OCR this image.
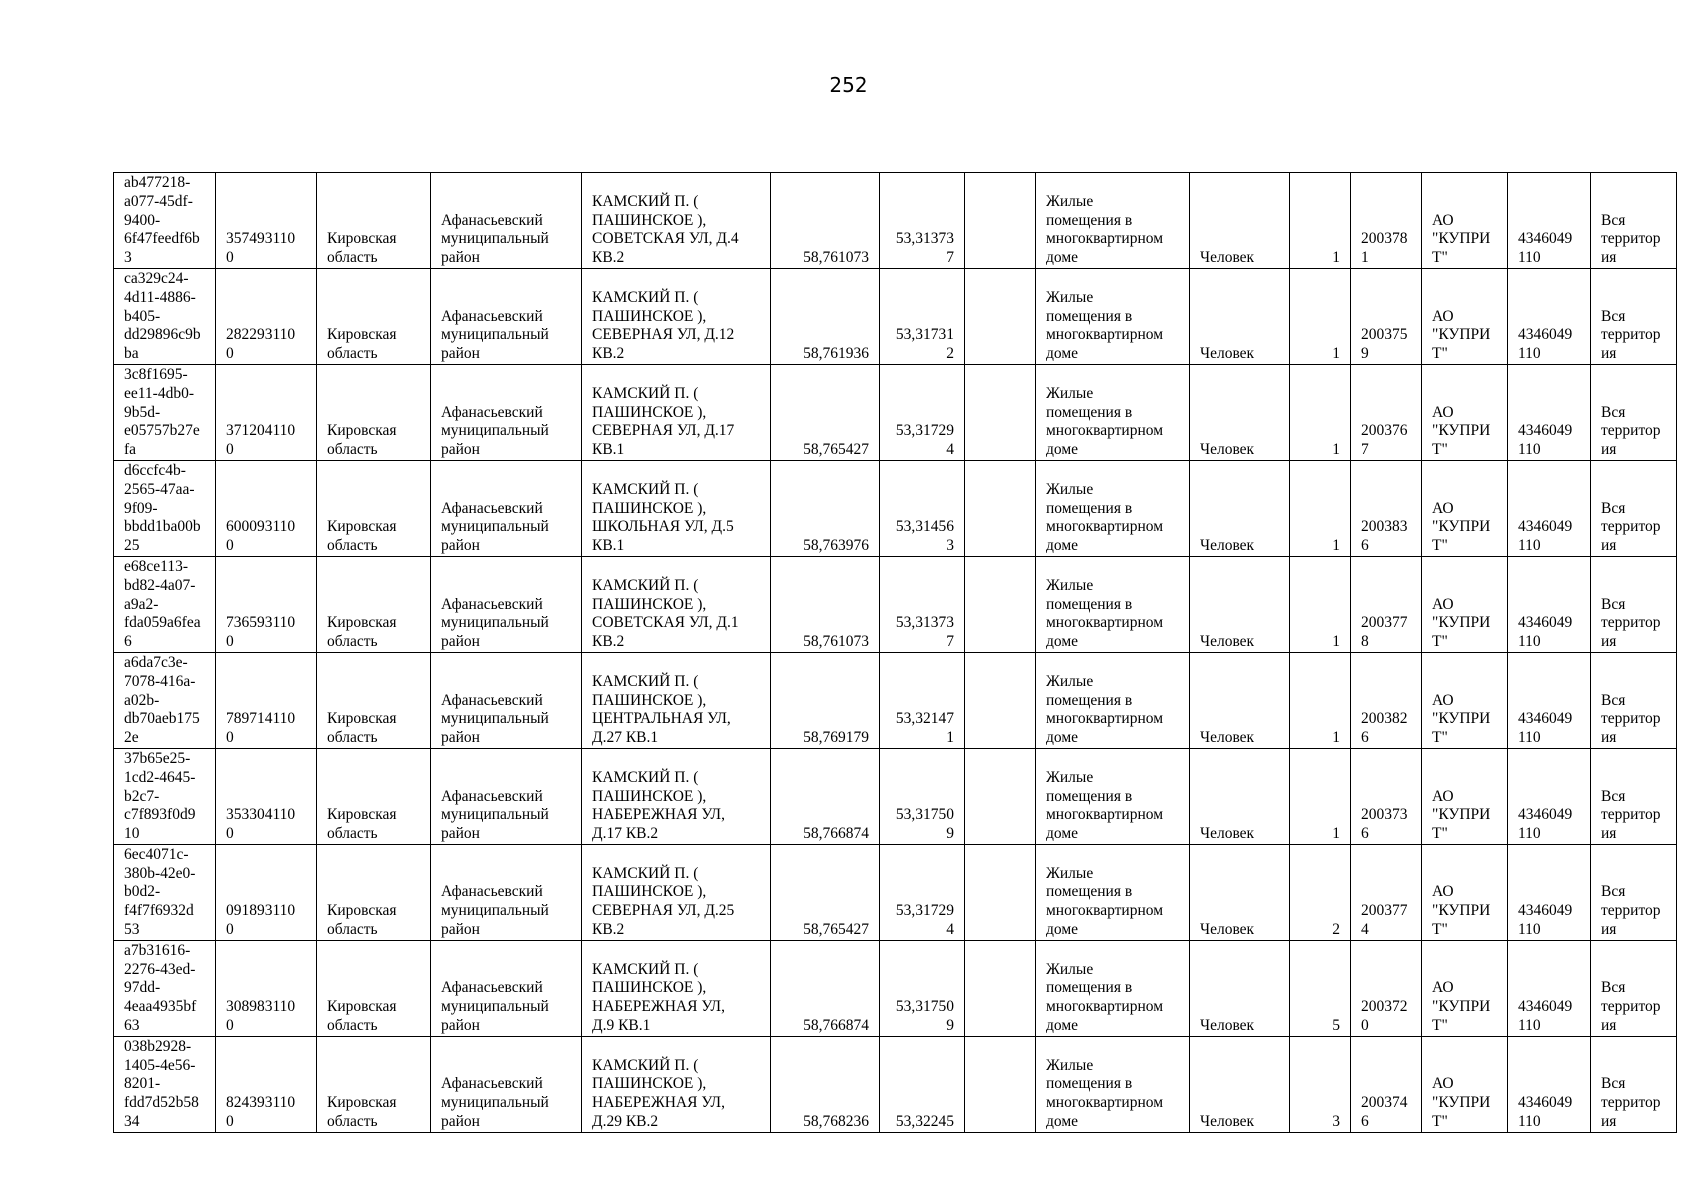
252
ab477218-
a077-45df-
9400-
6f47feedf6b
3	357493110
0	Кировская
область	Афанасьевский
муниципальный
район	КАМСКИЙ П. (
ПАШИНСКОЕ ),
СОВЕТСКАЯ УЛ, Д.4
КВ.2	58,761073	53,31373
7		Жилые
помещения в
многоквартирном
доме	Человек	1	200378
1	АО
"КУПРИ
Т"	4346049
110	Вся
территор
ия

ca329c24-
4d11-4886-
b405-
dd29896c9b
ba	282293110
0	Кировская
область	Афанасьевский
муниципальный
район	КАМСКИЙ П. (
ПАШИНСКОЕ ),
СЕВЕРНАЯ УЛ, Д.12
КВ.2	58,761936	53,31731
2		Жилые
помещения в
многоквартирном
доме	Человек	1	200375
9	АО
"КУПРИ
Т"	4346049
110	Вся
территор
ия

3c8f1695-
ee11-4db0-
9b5d-
e05757b27e
fa	371204110
0	Кировская
область	Афанасьевский
муниципальный
район	КАМСКИЙ П. (
ПАШИНСКОЕ ),
СЕВЕРНАЯ УЛ, Д.17
КВ.1	58,765427	53,31729
4		Жилые
помещения в
многоквартирном
доме	Человек	1	200376
7	АО
"КУПРИ
Т"	4346049
110	Вся
территор
ия

d6ccfc4b-
2565-47aa-
9f09-
bbdd1ba00b
25	600093110
0	Кировская
область	Афанасьевский
муниципальный
район	КАМСКИЙ П. (
ПАШИНСКОЕ ),
ШКОЛЬНАЯ УЛ, Д.5
КВ.1	58,763976	53,31456
3		Жилые
помещения в
многоквартирном
доме	Человек	1	200383
6	АО
"КУПРИ
Т"	4346049
110	Вся
территор
ия

e68ce113-
bd82-4a07-
a9a2-
fda059a6fea
6	736593110
0	Кировская
область	Афанасьевский
муниципальный
район	КАМСКИЙ П. (
ПАШИНСКОЕ ),
СОВЕТСКАЯ УЛ, Д.1
КВ.2	58,761073	53,31373
7		Жилые
помещения в
многоквартирном
доме	Человек	1	200377
8	АО
"КУПРИ
Т"	4346049
110	Вся
территор
ия

a6da7c3e-
7078-416a-
a02b-
db70aeb175
2e	789714110
0	Кировская
область	Афанасьевский
муниципальный
район	КАМСКИЙ П. (
ПАШИНСКОЕ ),
ЦЕНТРАЛЬНАЯ УЛ,
Д.27 КВ.1	58,769179	53,32147
1		Жилые
помещения в
многоквартирном
доме	Человек	1	200382
6	АО
"КУПРИ
Т"	4346049
110	Вся
территор
ия

37b65e25-
1cd2-4645-
b2c7-
c7f893f0d9
10	353304110
0	Кировская
область	Афанасьевский
муниципальный
район	КАМСКИЙ П. (
ПАШИНСКОЕ ),
НАБЕРЕЖНАЯ УЛ,
Д.17 КВ.2	58,766874	53,31750
9		Жилые
помещения в
многоквартирном
доме	Человек	1	200373
6	АО
"КУПРИ
Т"	4346049
110	Вся
территор
ия

6ec4071c-
380b-42e0-
b0d2-
f4f7f6932d
53	091893110
0	Кировская
область	Афанасьевский
муниципальный
район	КАМСКИЙ П. (
ПАШИНСКОЕ ),
СЕВЕРНАЯ УЛ, Д.25
КВ.2	58,765427	53,31729
4		Жилые
помещения в
многоквартирном
доме	Человек	2	200377
4	АО
"КУПРИ
Т"	4346049
110	Вся
территор
ия

a7b31616-
2276-43ed-
97dd-
4eaa4935bf
63	308983110
0	Кировская
область	Афанасьевский
муниципальный
район	КАМСКИЙ П. (
ПАШИНСКОЕ ),
НАБЕРЕЖНАЯ УЛ,
Д.9 КВ.1	58,766874	53,31750
9		Жилые
помещения в
многоквартирном
доме	Человек	5	200372
0	АО
"КУПРИ
Т"	4346049
110	Вся
территор
ия

038b2928-
1405-4e56-
8201-
fdd7d52b58
34	824393110
0	Кировская
область	Афанасьевский
муниципальный
район	КАМСКИЙ П. (
ПАШИНСКОЕ ),
НАБЕРЕЖНАЯ УЛ,
Д.29 КВ.2	58,768236	53,32245		Жилые
помещения в
многоквартирном
доме	Человек	3	200374
6	АО
"КУПРИ
Т"	4346049
110	Вся
территор
ия
